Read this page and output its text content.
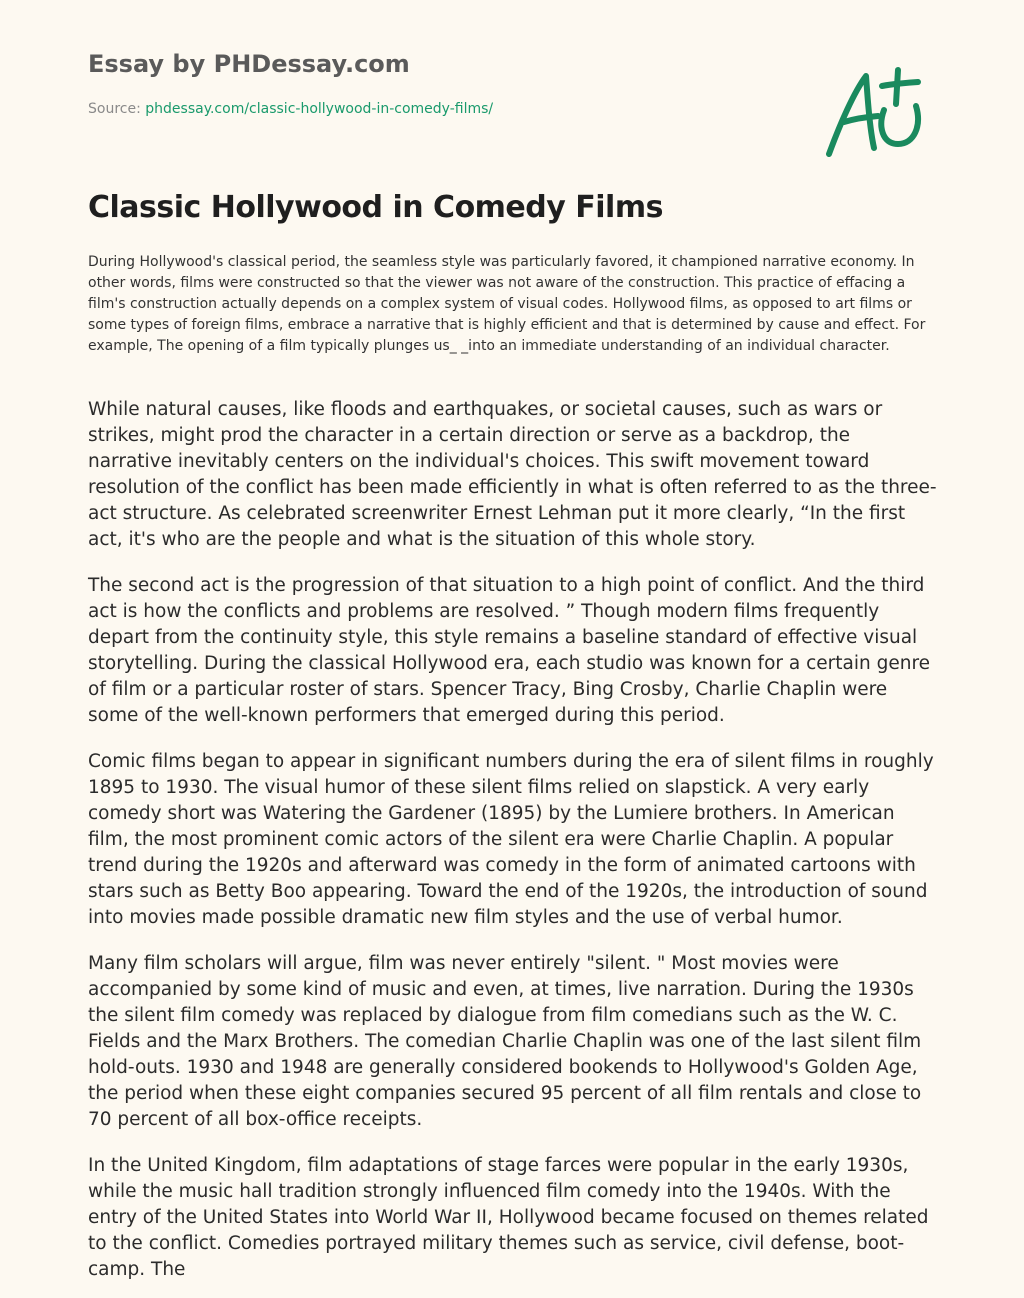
Essay by PHDessay.com
Source: phdessay.com/classic-hollywood-in-comedy-films/
Classic Hollywood in Comedy Films

During Hollywood's classical period, the seamless style was particularly favored, it championed narrative economy. In other words, films were constructed so that the viewer was not aware of the construction. This practice of effacing a film's construction actually depends on a complex system of visual codes. Hollywood films, as opposed to art films or some types of foreign films, embrace a narrative that is highly efficient and that is determined by cause and effect. For example, The opening of a film typically plunges us_ _into an immediate understanding of an individual character.

While natural causes, like floods and earthquakes, or societal causes, such as wars or strikes, might prod the character in a certain direction or serve as a backdrop, the narrative inevitably centers on the individual's choices. This swift movement toward resolution of the conflict has been made efficiently in what is often referred to as the three-act structure. As celebrated screenwriter Ernest Lehman put it more clearly, “In the first act, it's who are the people and what is the situation of this whole story.

The second act is the progression of that situation to a high point of conflict. And the third act is how the conflicts and problems are resolved. ” Though modern films frequently depart from the continuity style, this style remains a baseline standard of effective visual storytelling. During the classical Hollywood era, each studio was known for a certain genre of film or a particular roster of stars. Spencer Tracy, Bing Crosby, Charlie Chaplin were some of the well-known performers that emerged during this period.

Comic films began to appear in significant numbers during the era of silent films in roughly 1895 to 1930. The visual humor of these silent films relied on slapstick. A very early comedy short was Watering the Gardener (1895) by the Lumiere brothers. In American film, the most prominent comic actors of the silent era were Charlie Chaplin. A popular trend during the 1920s and afterward was comedy in the form of animated cartoons with stars such as Betty Boo appearing. Toward the end of the 1920s, the introduction of sound into movies made possible dramatic new film styles and the use of verbal humor.

Many film scholars will argue, film was never entirely "silent. " Most movies were accompanied by some kind of music and even, at times, live narration. During the 1930s the silent film comedy was replaced by dialogue from film comedians such as the W. C. Fields and the Marx Brothers. The comedian Charlie Chaplin was one of the last silent film hold-outs. 1930 and 1948 are generally considered bookends to Hollywood's Golden Age, the period when these eight companies secured 95 percent of all film rentals and close to 70 percent of all box-office receipts.

In the United Kingdom, film adaptations of stage farces were popular in the early 1930s, while the music hall tradition strongly influenced film comedy into the 1940s. With the entry of the United States into World War II, Hollywood became focused on themes related to the conflict. Comedies portrayed military themes such as service, civil defense, boot-camp. The
